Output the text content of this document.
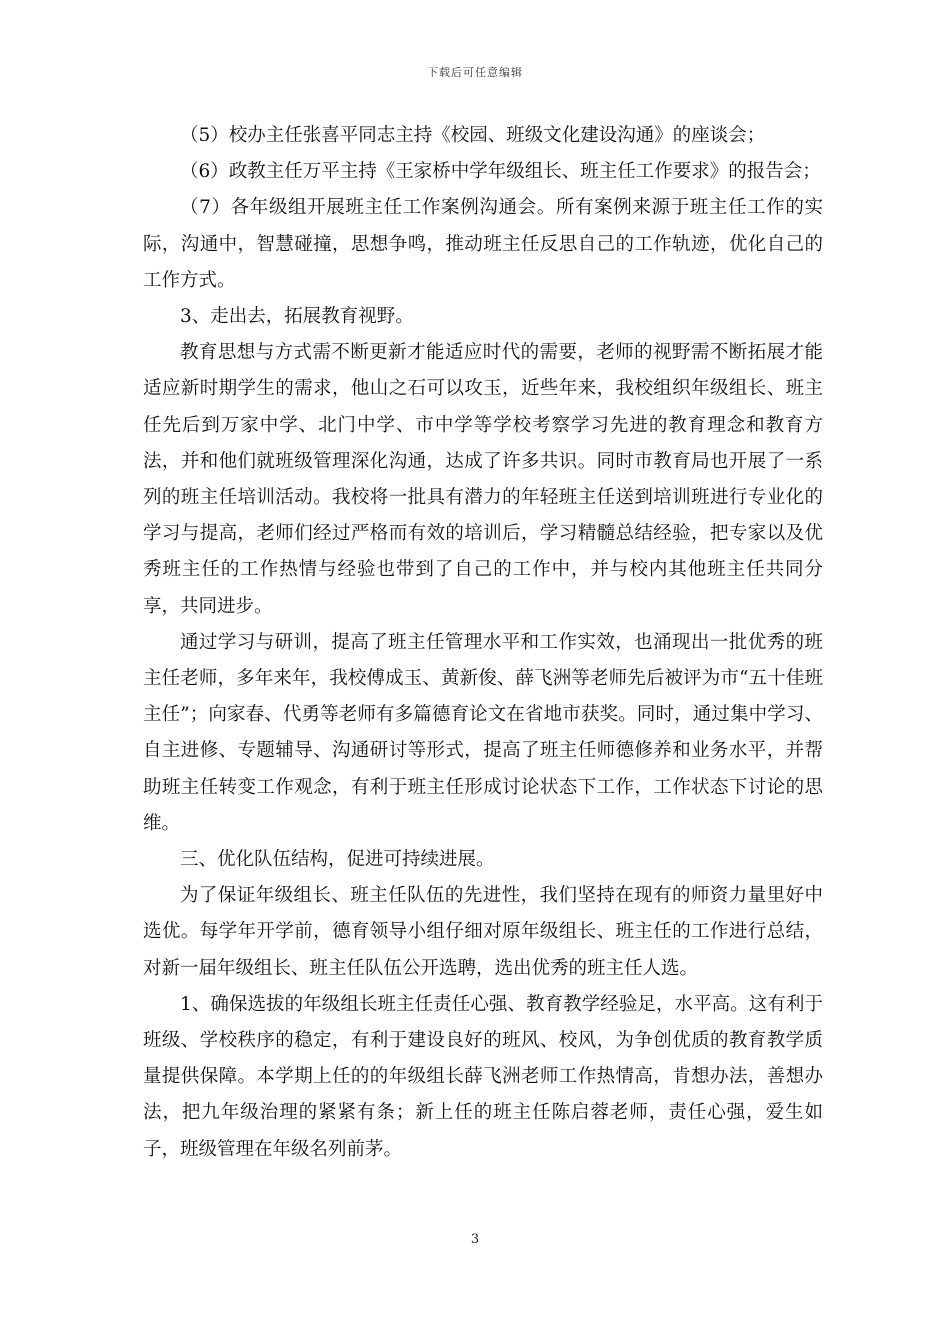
下载后可任意编辑

（5）校办主任张喜平同志主持《校园、班级文化建设沟通》的座谈会；

（6）政教主任万平主持《王家桥中学年级组长、班主任工作要求》的报告会；

（7）各年级组开展班主任工作案例沟通会。所有案例来源于班主任工作的实际，沟通中，智慧碰撞，思想争鸣，推动班主任反思自己的工作轨迹，优化自己的工作方式。

3、走出去，拓展教育视野。

教育思想与方式需不断更新才能适应时代的需要，老师的视野需不断拓展才能适应新时期学生的需求，他山之石可以攻玉，近些年来，我校组织年级组长、班主任先后到万家中学、北门中学、市中学等学校考察学习先进的教育理念和教育方法，并和他们就班级管理深化沟通，达成了许多共识。同时市教育局也开展了一系列的班主任培训活动。我校将一批具有潜力的年轻班主任送到培训班进行专业化的学习与提高，老师们经过严格而有效的培训后，学习精髓总结经验，把专家以及优秀班主任的工作热情与经验也带到了自己的工作中，并与校内其他班主任共同分享，共同进步。

通过学习与研训，提高了班主任管理水平和工作实效，也涌现出一批优秀的班主任老师，多年来年，我校傅成玉、黄新俊、薛飞洲等老师先后被评为市“五十佳班主任”；向家春、代勇等老师有多篇德育论文在省地市获奖。同时，通过集中学习、自主进修、专题辅导、沟通研讨等形式，提高了班主任师德修养和业务水平，并帮助班主任转变工作观念，有利于班主任形成讨论状态下工作，工作状态下讨论的思维。

三、优化队伍结构，促进可持续进展。

为了保证年级组长、班主任队伍的先进性，我们坚持在现有的师资力量里好中选优。每学年开学前，德育领导小组仔细对原年级组长、班主任的工作进行总结，对新一届年级组长、班主任队伍公开选聘，选出优秀的班主任人选。

1、确保选拔的年级组长班主任责任心强、教育教学经验足，水平高。这有利于班级、学校秩序的稳定，有利于建设良好的班风、校风，为争创优质的教育教学质量提供保障。本学期上任的的年级组长薛飞洲老师工作热情高，肯想办法，善想办法，把九年级治理的紧紧有条；新上任的班主任陈启蓉老师，责任心强，爱生如子，班级管理在年级名列前茅。

3
